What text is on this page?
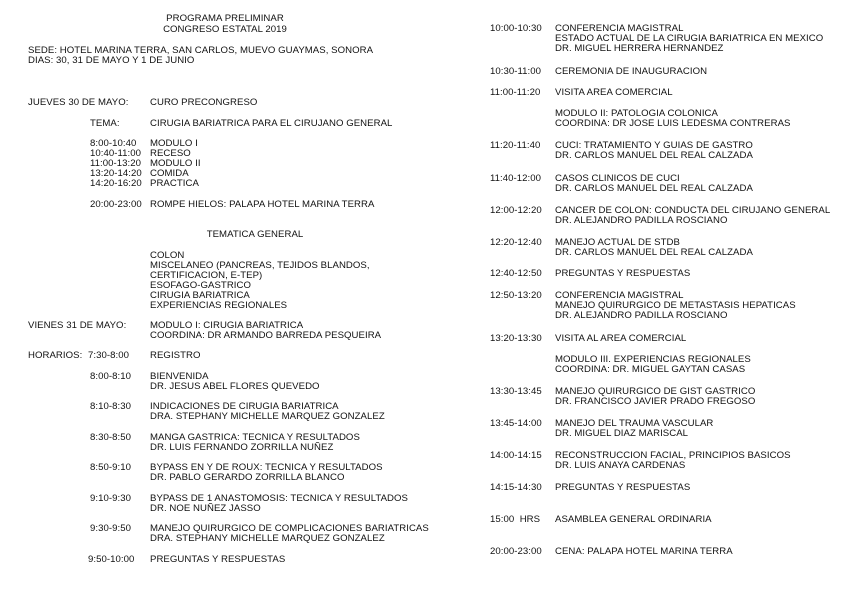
PROGRAMA PRELIMINAR
CONGRESO ESTATAL 2019
SEDE: HOTEL MARINA TERRA, SAN CARLOS, MUEVO GUAYMAS, SONORA
DIAS: 30, 31 DE MAYO Y 1 DE JUNIO
JUEVES 30 DE MAYO: CURO PRECONGRESO
TEMA:	CIRUGIA BARIATRICA PARA EL CIRUJANO GENERAL
8:00-10:40 MODULO I
10:40-11:00 RECESO
11:00-13:20 MODULO II
13:20-14:20 COMIDA
14:20-16:20 PRACTICA
20:00-23:00 ROMPE HIELOS: PALAPA HOTEL MARINA TERRA
TEMATICA GENERAL
COLON
MISCELANEO (PANCREAS, TEJIDOS BLANDOS,
CERTIFICACION, E-TEP)
ESOFAGO-GASTRICO
CIRUGIA BARIATRICA
EXPERIENCIAS REGIONALES
VIENES 31 DE MAYO: MODULO I: CIRUGIA BARIATRICA
COORDINA: DR ARMANDO BARREDA PESQUEIRA
HORARIOS: 7:30-8:00 REGISTRO
8:00-8:10 BIENVENIDA
DR. JESUS ABEL FLORES QUEVEDO
8:10-8:30 INDICACIONES DE CIRUGIA BARIATRICA
DRA. STEPHANY MICHELLE MARQUEZ GONZALEZ
8:30-8:50 MANGA GASTRICA: TECNICA Y RESULTADOS
DR. LUIS FERNANDO ZORRILLA NUÑEZ
8:50-9:10 BYPASS EN Y DE ROUX: TECNICA Y RESULTADOS
DR. PABLO GERARDO ZORRILLA BLANCO
9:10-9:30 BYPASS DE 1 ANASTOMOSIS: TECNICA Y RESULTADOS
DR. NOE NUÑEZ JASSO
9:30-9:50 MANEJO QUIRURGICO DE COMPLICACIONES BARIATRICAS
DRA. STEPHANY MICHELLE MARQUEZ GONZALEZ
9:50-10:00 PREGUNTAS Y RESPUESTAS
10:00-10:30 CONFERENCIA MAGISTRAL
ESTADO ACTUAL DE LA CIRUGIA BARIATRICA EN MEXICO
DR. MIGUEL HERRERA HERNANDEZ
10:30-11:00 CEREMONIA DE INAUGURACION
11:00-11:20 VISITA AREA COMERCIAL
MODULO II: PATOLOGIA COLONICA
COORDINA: DR JOSE LUIS LEDESMA CONTRERAS
11:20-11:40 CUCI: TRATAMIENTO Y GUIAS DE GASTRO
DR. CARLOS MANUEL DEL REAL CALZADA
11:40-12:00 CASOS CLINICOS DE CUCI
DR. CARLOS MANUEL DEL REAL CALZADA
12:00-12:20 CANCER DE COLON: CONDUCTA DEL CIRUJANO GENERAL
DR. ALEJANDRO PADILLA ROSCIANO
12:20-12:40 MANEJO ACTUAL DE STDB
DR. CARLOS MANUEL DEL REAL CALZADA
12:40-12:50 PREGUNTAS Y RESPUESTAS
12:50-13:20 CONFERENCIA MAGISTRAL
MANEJO QUIRURGICO DE METASTASIS HEPATICAS
DR. ALEJANDRO PADILLA ROSCIANO
13:20-13:30 VISITA AL AREA COMERCIAL
MODULO III. EXPERIENCIAS REGIONALES
COORDINA: DR. MIGUEL GAYTAN CASAS
13:30-13:45 MANEJO QUIRURGICO DE GIST GASTRICO
DR. FRANCISCO JAVIER PRADO FREGOSO
13:45-14:00 MANEJO DEL TRAUMA VASCULAR
DR. MIGUEL DIAZ MARISCAL
14:00-14:15 RECONSTRUCCION FACIAL, PRINCIPIOS BASICOS
DR. LUIS ANAYA CARDENAS
14:15-14:30 PREGUNTAS Y RESPUESTAS
15:00  HRS ASAMBLEA GENERAL ORDINARIA
20:00-23:00 CENA: PALAPA HOTEL MARINA TERRA
